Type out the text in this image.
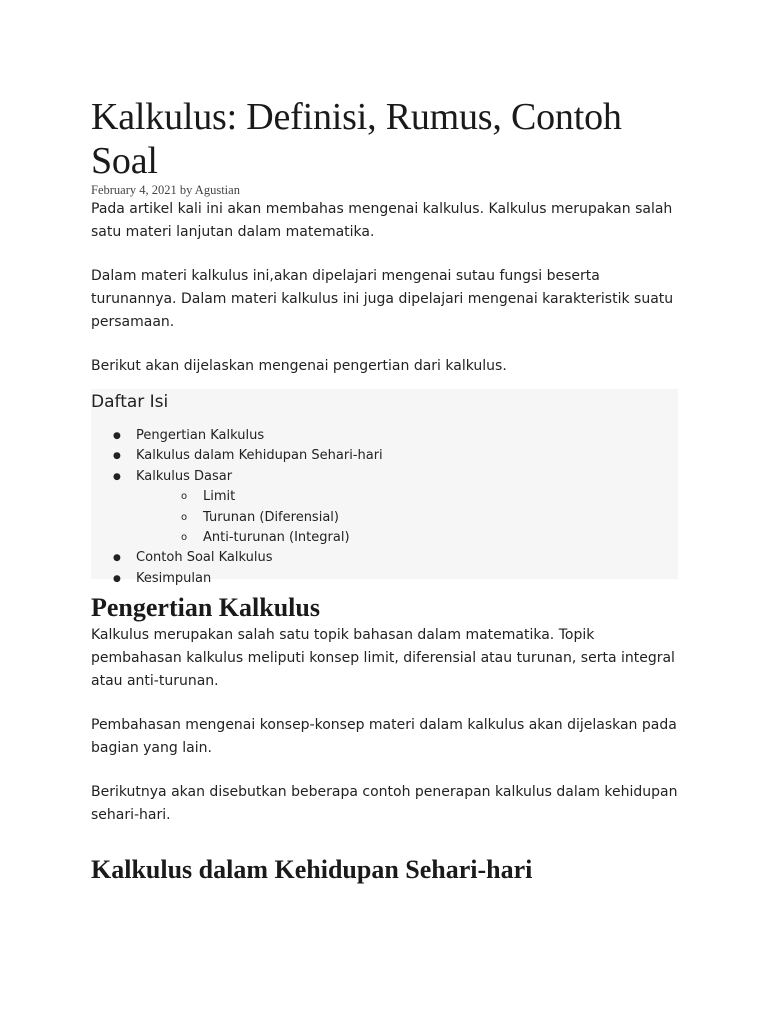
Kalkulus: Definisi, Rumus, Contoh Soal
February 4, 2021 by Agustian

Pada artikel kali ini akan membahas mengenai kalkulus. Kalkulus merupakan salah satu materi lanjutan dalam matematika.

Dalam materi kalkulus ini,akan dipelajari mengenai sutau fungsi beserta turunannya. Dalam materi kalkulus ini juga dipelajari mengenai karakteristik suatu persamaan.

Berikut akan dijelaskan mengenai pengertian dari kalkulus.

Daftar Isi
● Pengertian Kalkulus
● Kalkulus dalam Kehidupan Sehari-hari
● Kalkulus Dasar
o Limit
o Turunan (Diferensial)
o Anti-turunan (Integral)
● Contoh Soal Kalkulus
● Kesimpulan
Pengertian Kalkulus

Kalkulus merupakan salah satu topik bahasan dalam matematika. Topik pembahasan kalkulus meliputi konsep limit, diferensial atau turunan, serta integral atau anti-turunan.

Pembahasan mengenai konsep-konsep materi dalam kalkulus akan dijelaskan pada bagian yang lain.

Berikutnya akan disebutkan beberapa contoh penerapan kalkulus dalam kehidupan sehari-hari.

Kalkulus dalam Kehidupan Sehari-hari
